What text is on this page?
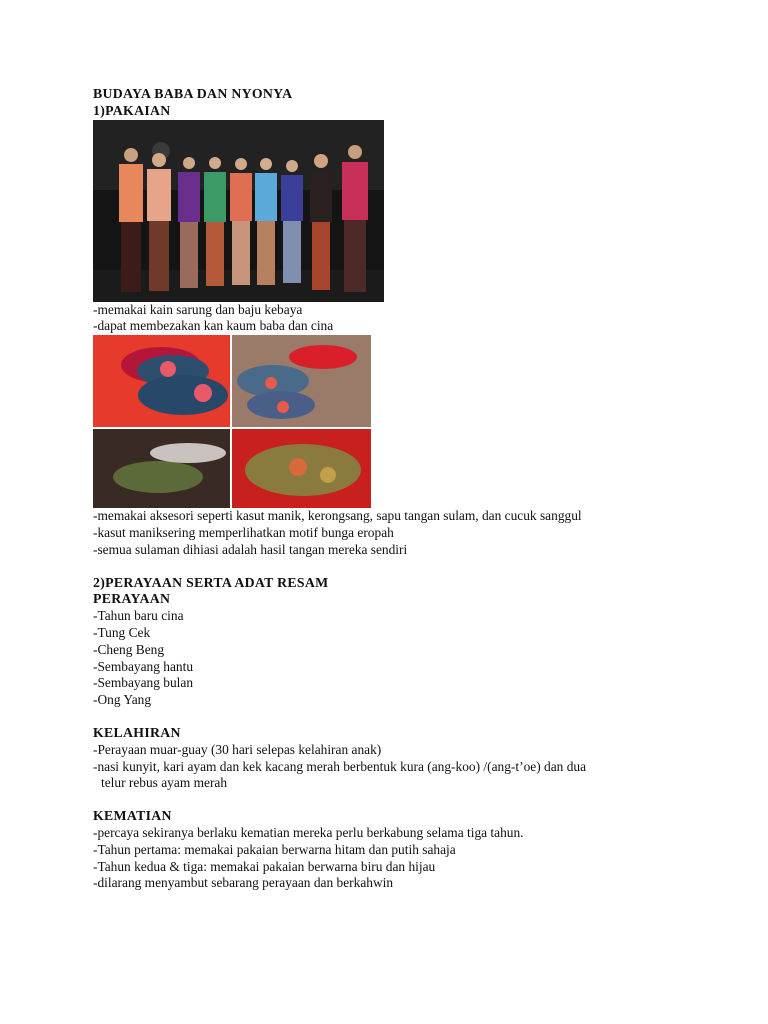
BUDAYA BABA DAN NYONYA
1)PAKAIAN
-memakai kain sarung dan baju kebaya
-dapat membezakan kan kaum baba dan cina
-memakai aksesori seperti kasut manik, kerongsang, sapu tangan sulam, dan cucuk sanggul
-kasut maniksering memperlihatkan motif bunga eropah
-semua sulaman dihiasi adalah hasil tangan mereka sendiri
2)PERAYAAN SERTA ADAT RESAM
PERAYAAN
-Tahun baru cina
-Tung Cek
-Cheng Beng
-Sembayang hantu
-Sembayang bulan
-Ong Yang
KELAHIRAN
-Perayaan muar-guay (30 hari selepas kelahiran anak)
-nasi kunyit, kari ayam dan kek kacang merah berbentuk kura (ang-koo) /(ang-t’oe) dan dua
telur rebus ayam merah
KEMATIAN
-percaya sekiranya berlaku kematian mereka perlu berkabung selama tiga tahun.
-Tahun pertama: memakai pakaian berwarna hitam dan putih sahaja
-Tahun kedua & tiga: memakai pakaian berwarna biru dan hijau
-dilarang menyambut sebarang perayaan dan berkahwin
